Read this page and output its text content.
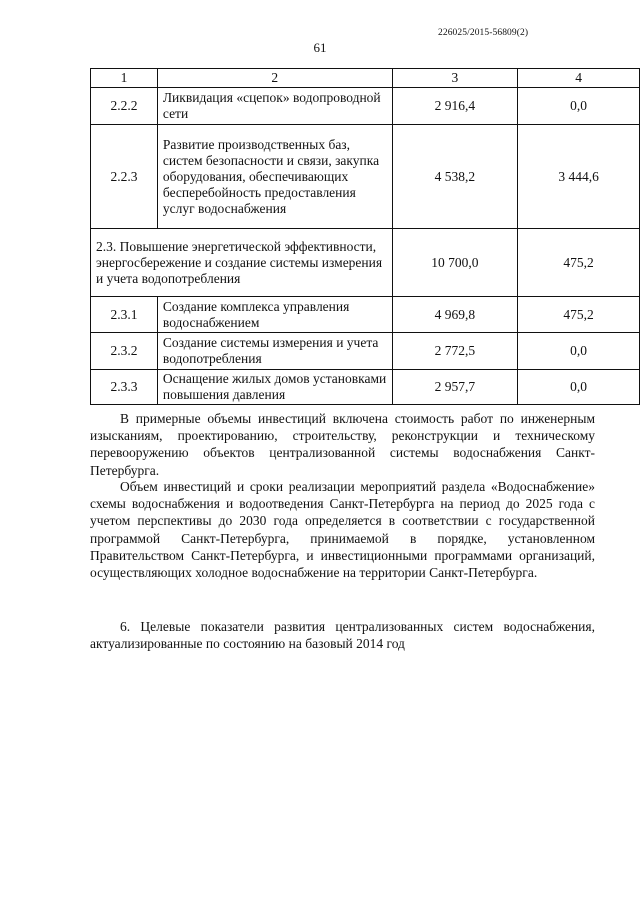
226025/2015-56809(2)
61
1	2	3	4
2.2.2	Ликвидация «сцепок» водопроводной сети	2 916,4	0,0
2.2.3	Развитие производственных баз, систем безопасности и связи, закупка оборудования, обеспечивающих бесперебойность предоставления услуг водоснабжения	4 538,2	3 444,6
2.3. Повышение энергетической эффективности, энергосбережение и создание системы измерения и учета водопотребления		10 700,0	475,2
2.3.1	Создание комплекса управления водоснабжением	4 969,8	475,2
2.3.2	Создание системы измерения и учета водопотребления	2 772,5	0,0
2.3.3	Оснащение жилых домов установками повышения давления	2 957,7	0,0

В примерные объемы инвестиций включена стоимость работ по инженерным изысканиям, проектированию, строительству, реконструкции и техническому перевооружению объектов централизованной системы водоснабжения Санкт-Петербурга.

Объем инвестиций и сроки реализации мероприятий раздела «Водоснабжение» схемы водоснабжения и водоотведения Санкт-Петербурга на период до 2025 года с учетом перспективы до 2030 года определяется в соответствии с государственной программой Санкт-Петербурга, принимаемой в порядке, установленном Правительством Санкт-Петербурга, и инвестиционными программами организаций, осуществляющих холодное водоснабжение на территории Санкт-Петербурга.

6. Целевые показатели развития централизованных систем водоснабжения, актуализированные по состоянию на базовый 2014 год
